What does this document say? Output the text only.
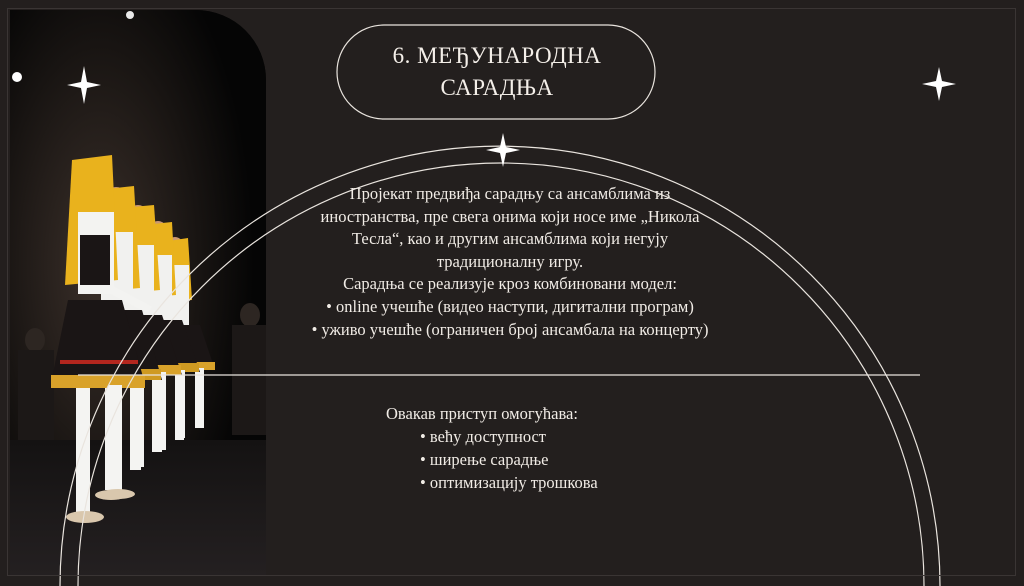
6. МЕЂУНАРОДНА
САРАДЊА
Пројекат предвиђа сарадњу са ансамблима из
иностранства, пре свега онима који носе име „Никола
Тесла“, као и другим ансамблима који негују
традиционалну игру.
Сарадња се реализује кроз комбиновани модел:
• online учешће (видео наступи, дигитални програм)
• уживо учешће (ограничен број ансамбала на концерту)
Овакав приступ омогућава:
• већу доступност
• ширење сарадње
• оптимизацију трошкова
